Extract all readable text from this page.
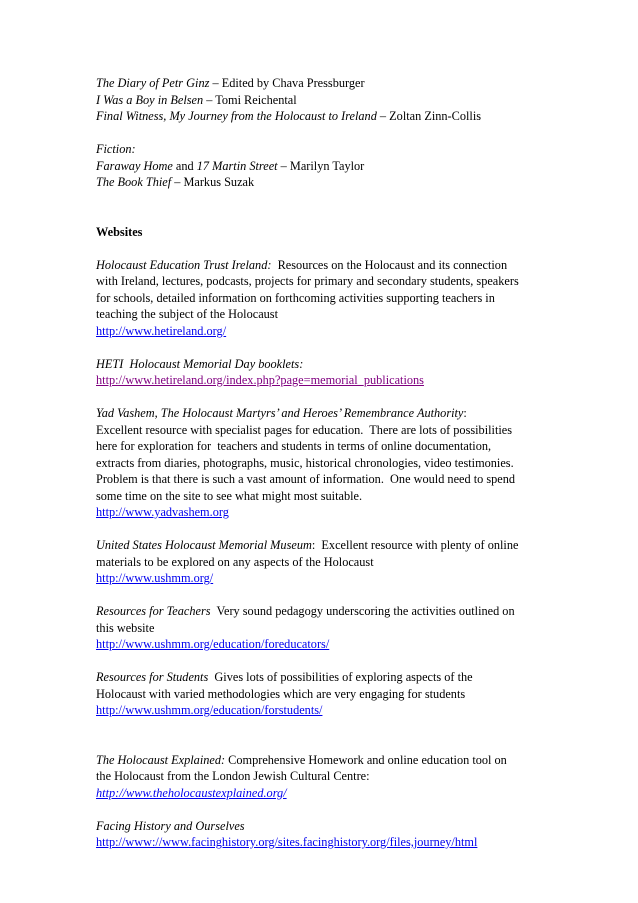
The Diary of Petr Ginz – Edited by Chava Pressburger
I Was a Boy in Belsen – Tomi Reichental
Final Witness, My Journey from the Holocaust to Ireland – Zoltan Zinn-Collis
Fiction:
Faraway Home and 17 Martin Street – Marilyn Taylor
The Book Thief – Markus Suzak
Websites
Holocaust Education Trust Ireland:  Resources on the Holocaust and its connection
with Ireland, lectures, podcasts, projects for primary and secondary students, speakers
for schools, detailed information on forthcoming activities supporting teachers in
teaching the subject of the Holocaust
http://www.hetireland.org/
HETI  Holocaust Memorial Day booklets:
http://www.hetireland.org/index.php?page=memorial_publications
Yad Vashem, The Holocaust Martyrs’ and Heroes’ Remembrance Authority:
Excellent resource with specialist pages for education.  There are lots of possibilities
here for exploration for  teachers and students in terms of online documentation,
extracts from diaries, photographs, music, historical chronologies, video testimonies.
Problem is that there is such a vast amount of information.  One would need to spend
some time on the site to see what might most suitable.
http://www.yadvashem.org
United States Holocaust Memorial Museum:  Excellent resource with plenty of online
materials to be explored on any aspects of the Holocaust
http://www.ushmm.org/
Resources for Teachers  Very sound pedagogy underscoring the activities outlined on
this website
http://www.ushmm.org/education/foreducators/
Resources for Students  Gives lots of possibilities of exploring aspects of the
Holocaust with varied methodologies which are very engaging for students
http://www.ushmm.org/education/forstudents/
The Holocaust Explained: Comprehensive Homework and online education tool on
the Holocaust from the London Jewish Cultural Centre:
http://www.theholocaustexplained.org/
Facing History and Ourselves
http://www://www.facinghistory.org/sites.facinghistory.org/files,journey/html
